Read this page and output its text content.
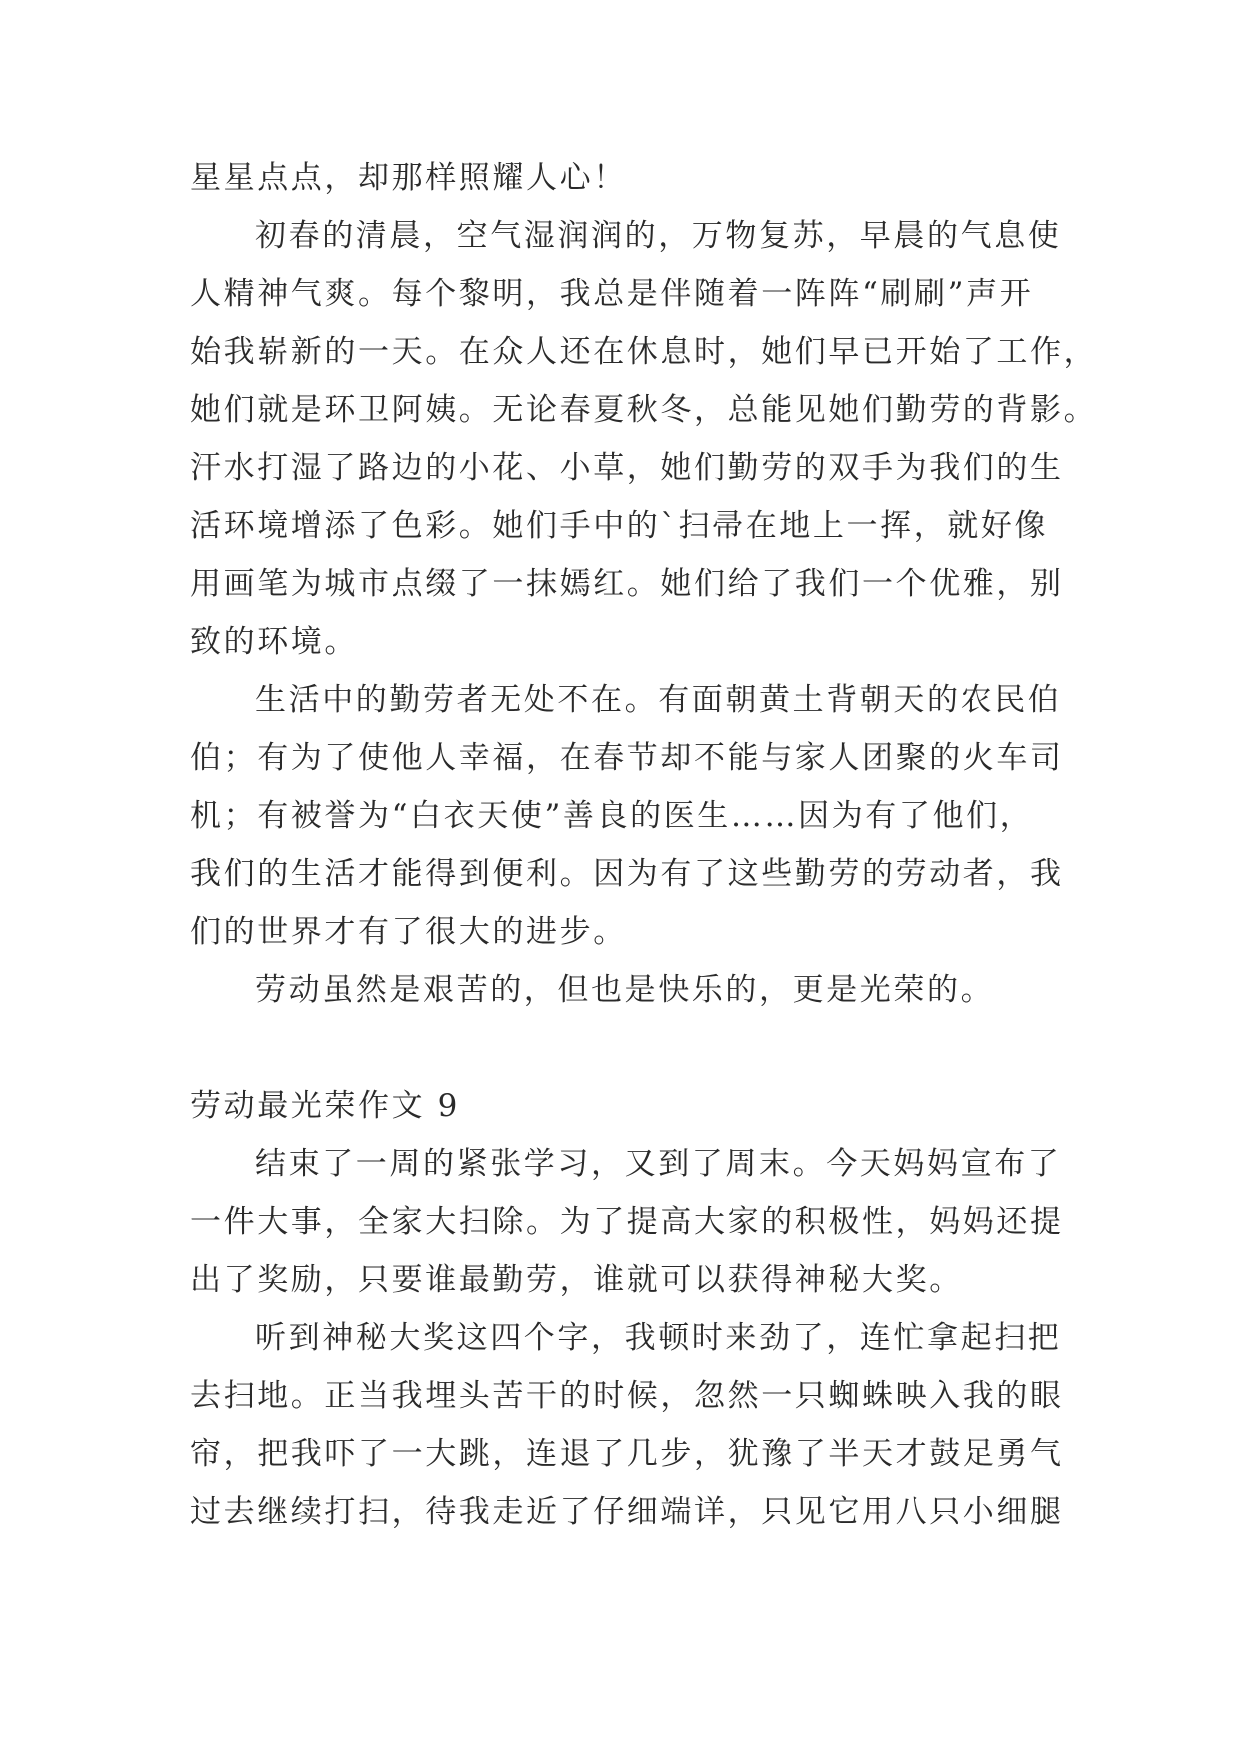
星星点点，却那样照耀人心！
初春的清晨，空气湿润润的，万物复苏，早晨的气息使
人精神气爽。每个黎明，我总是伴随着一阵阵“刷刷”声开
始我崭新的一天。在众人还在休息时，她们早已开始了工作，
她们就是环卫阿姨。无论春夏秋冬，总能见她们勤劳的背影。
汗水打湿了路边的小花、小草，她们勤劳的双手为我们的生
活环境增添了色彩。她们手中的`扫帚在地上一挥，就好像
用画笔为城市点缀了一抹嫣红。她们给了我们一个优雅，别
致的环境。
生活中的勤劳者无处不在。有面朝黄土背朝天的农民伯
伯；有为了使他人幸福，在春节却不能与家人团聚的火车司
机；有被誉为“白衣天使”善良的医生……因为有了他们，
我们的生活才能得到便利。因为有了这些勤劳的劳动者，我
们的世界才有了很大的进步。
劳动虽然是艰苦的，但也是快乐的，更是光荣的。
劳动最光荣作文 9
结束了一周的紧张学习，又到了周末。今天妈妈宣布了
一件大事，全家大扫除。为了提高大家的积极性，妈妈还提
出了奖励，只要谁最勤劳，谁就可以获得神秘大奖。
听到神秘大奖这四个字，我顿时来劲了，连忙拿起扫把
去扫地。正当我埋头苦干的时候，忽然一只蜘蛛映入我的眼
帘，把我吓了一大跳，连退了几步，犹豫了半天才鼓足勇气
过去继续打扫，待我走近了仔细端详，只见它用八只小细腿
